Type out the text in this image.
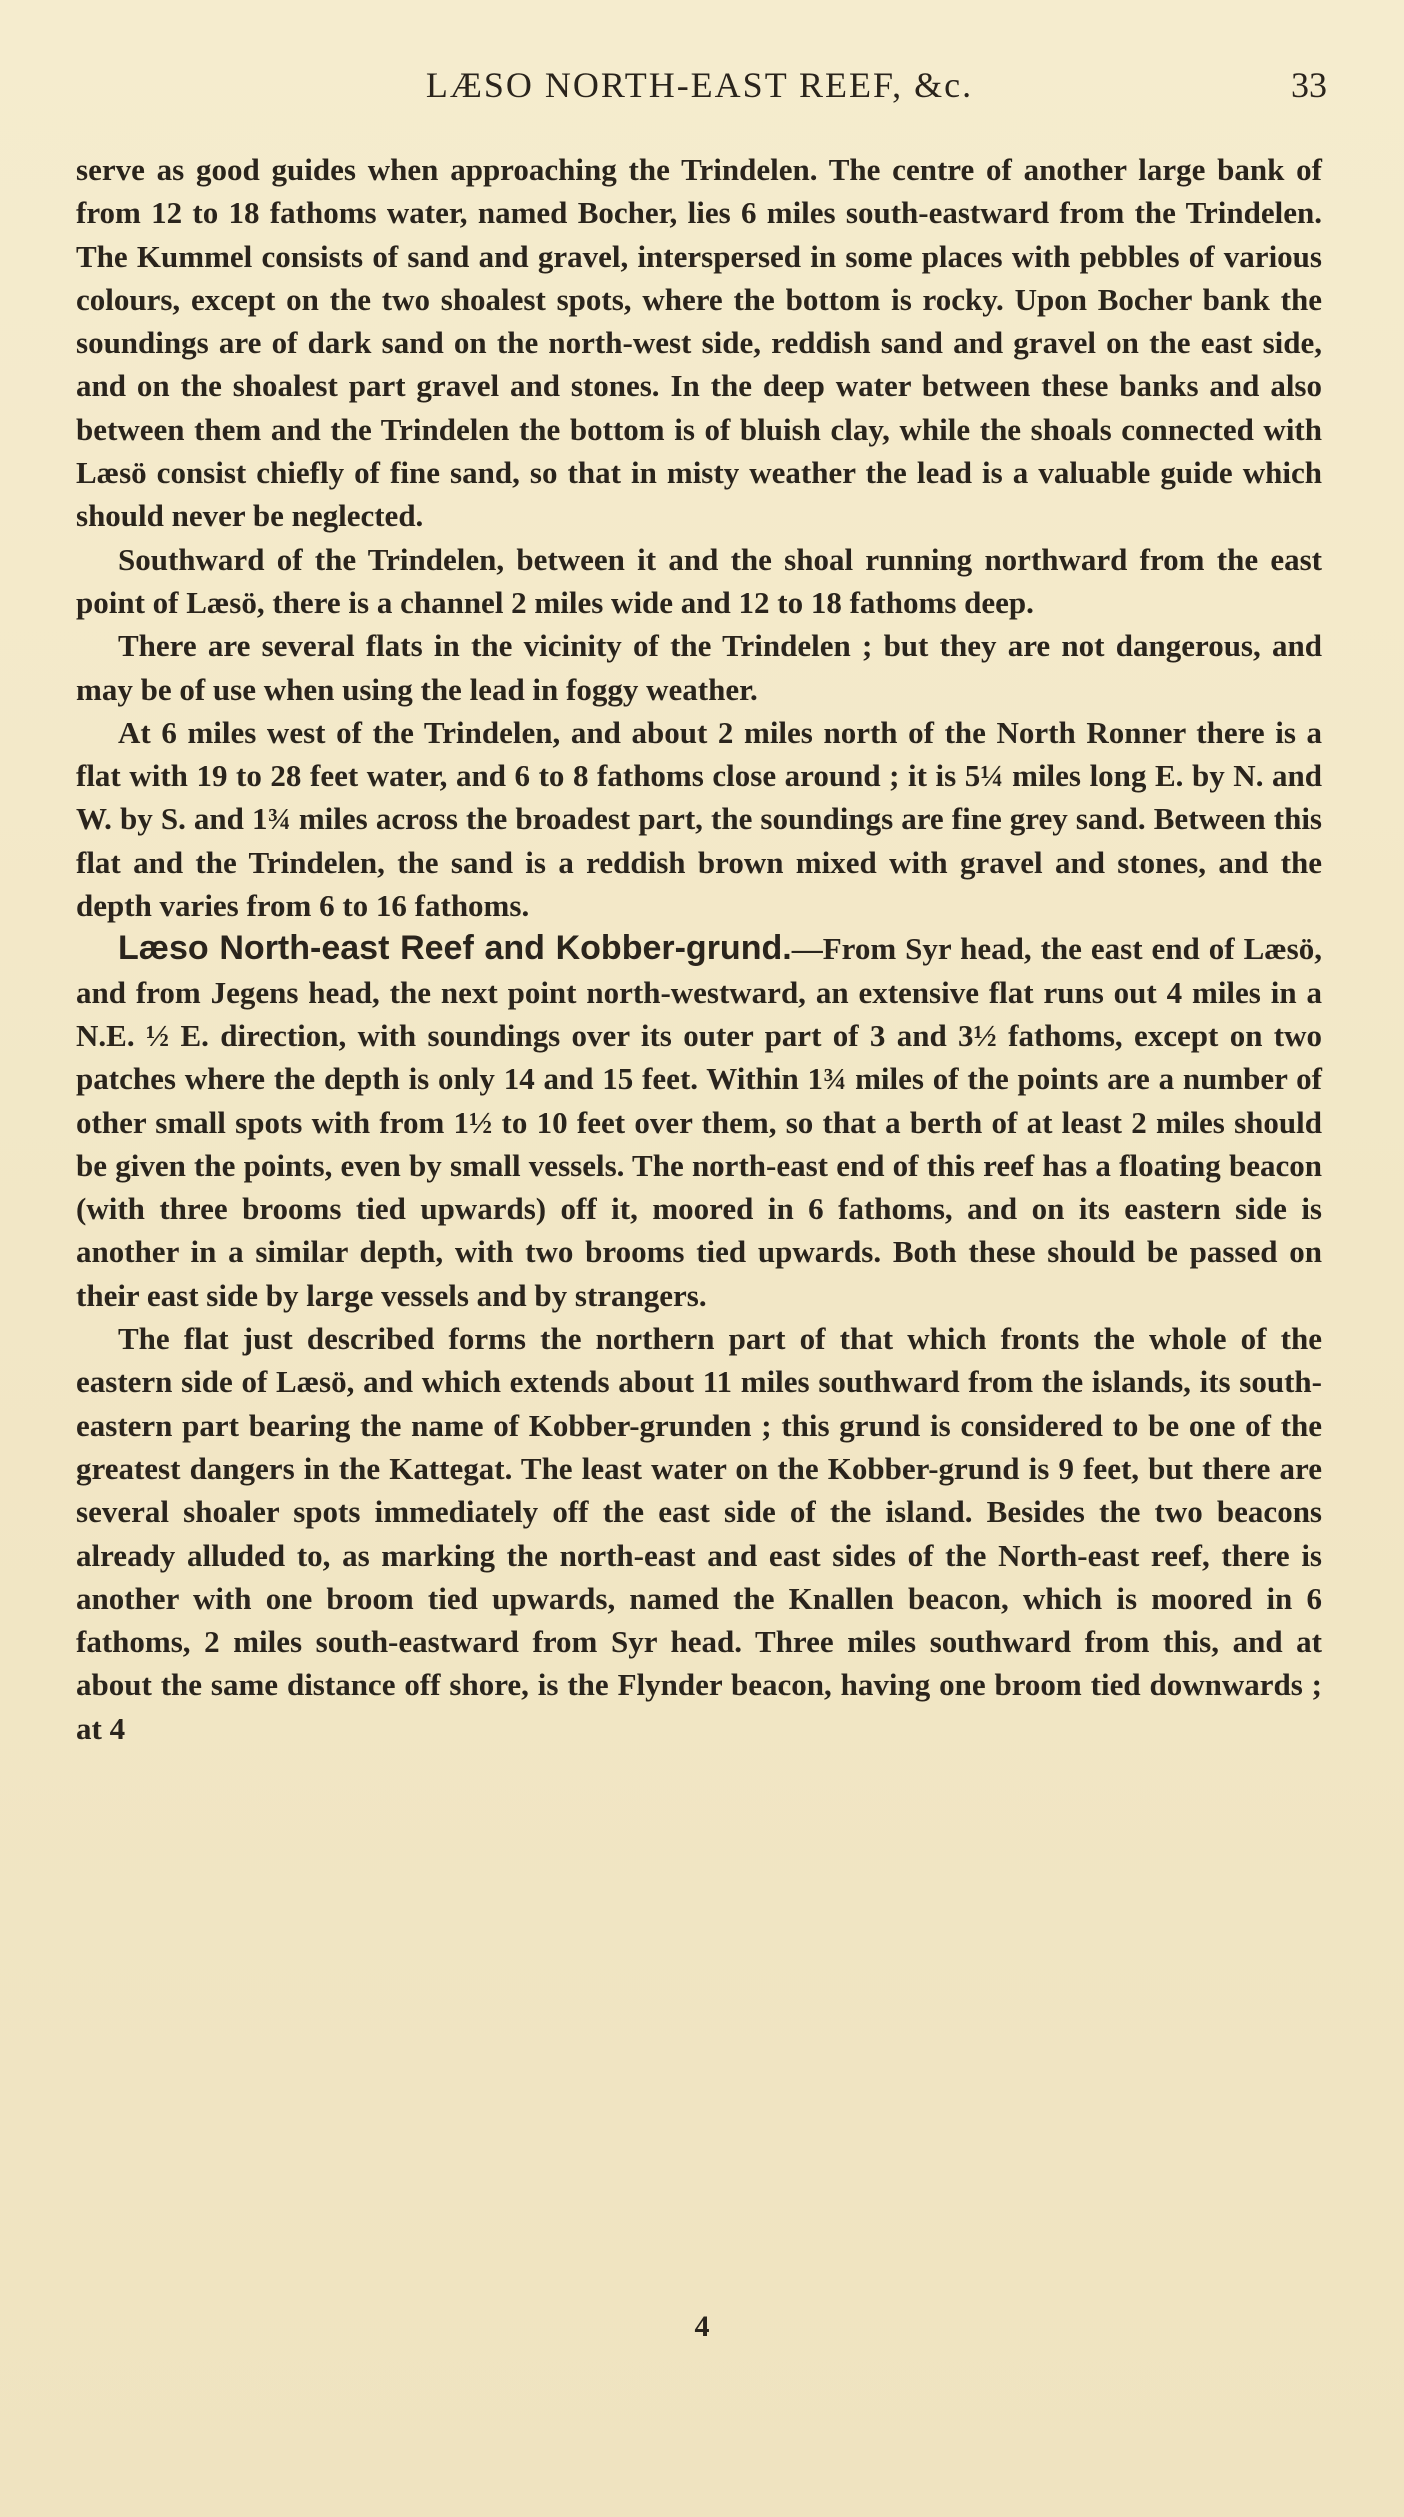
LÆSO NORTH-EAST REEF, &c.	33

serve as good guides when approaching the Trindelen. The centre of another large bank of from 12 to 18 fathoms water, named Bocher, lies 6 miles south-eastward from the Trindelen. The Kummel consists of sand and gravel, interspersed in some places with pebbles of various colours, except on the two shoalest spots, where the bottom is rocky. Upon Bocher bank the soundings are of dark sand on the north-west side, reddish sand and gravel on the east side, and on the shoalest part gravel and stones. In the deep water between these banks and also between them and the Trindelen the bottom is of bluish clay, while the shoals connected with Læsö consist chiefly of fine sand, so that in misty weather the lead is a valuable guide which should never be neglected.

Southward of the Trindelen, between it and the shoal running northward from the east point of Læsö, there is a channel 2 miles wide and 12 to 18 fathoms deep.

There are several flats in the vicinity of the Trindelen ; but they are not dangerous, and may be of use when using the lead in foggy weather.

At 6 miles west of the Trindelen, and about 2 miles north of the North Ronner there is a flat with 19 to 28 feet water, and 6 to 8 fathoms close around ; it is 5¼ miles long E. by N. and W. by S. and 1¾ miles across the broadest part, the soundings are fine grey sand. Between this flat and the Trindelen, the sand is a reddish brown mixed with gravel and stones, and the depth varies from 6 to 16 fathoms.

Læso North-east Reef and Kobber-grund.—From Syr head, the east end of Læsö, and from Jegens head, the next point north-westward, an extensive flat runs out 4 miles in a N.E. ½ E. direction, with soundings over its outer part of 3 and 3½ fathoms, except on two patches where the depth is only 14 and 15 feet. Within 1¾ miles of the points are a number of other small spots with from 1½ to 10 feet over them, so that a berth of at least 2 miles should be given the points, even by small vessels. The north-east end of this reef has a floating beacon (with three brooms tied upwards) off it, moored in 6 fathoms, and on its eastern side is another in a similar depth, with two brooms tied upwards. Both these should be passed on their east side by large vessels and by strangers.

The flat just described forms the northern part of that which fronts the whole of the eastern side of Læsö, and which extends about 11 miles southward from the islands, its south-eastern part bearing the name of Kobber-grunden ; this grund is considered to be one of the greatest dangers in the Kattegat. The least water on the Kobber-grund is 9 feet, but there are several shoaler spots immediately off the east side of the island. Besides the two beacons already alluded to, as marking the north-east and east sides of the North-east reef, there is another with one broom tied upwards, named the Knallen beacon, which is moored in 6 fathoms, 2 miles south-eastward from Syr head. Three miles southward from this, and at about the same distance off shore, is the Flynder beacon, having one broom tied downwards ; at 4

4
